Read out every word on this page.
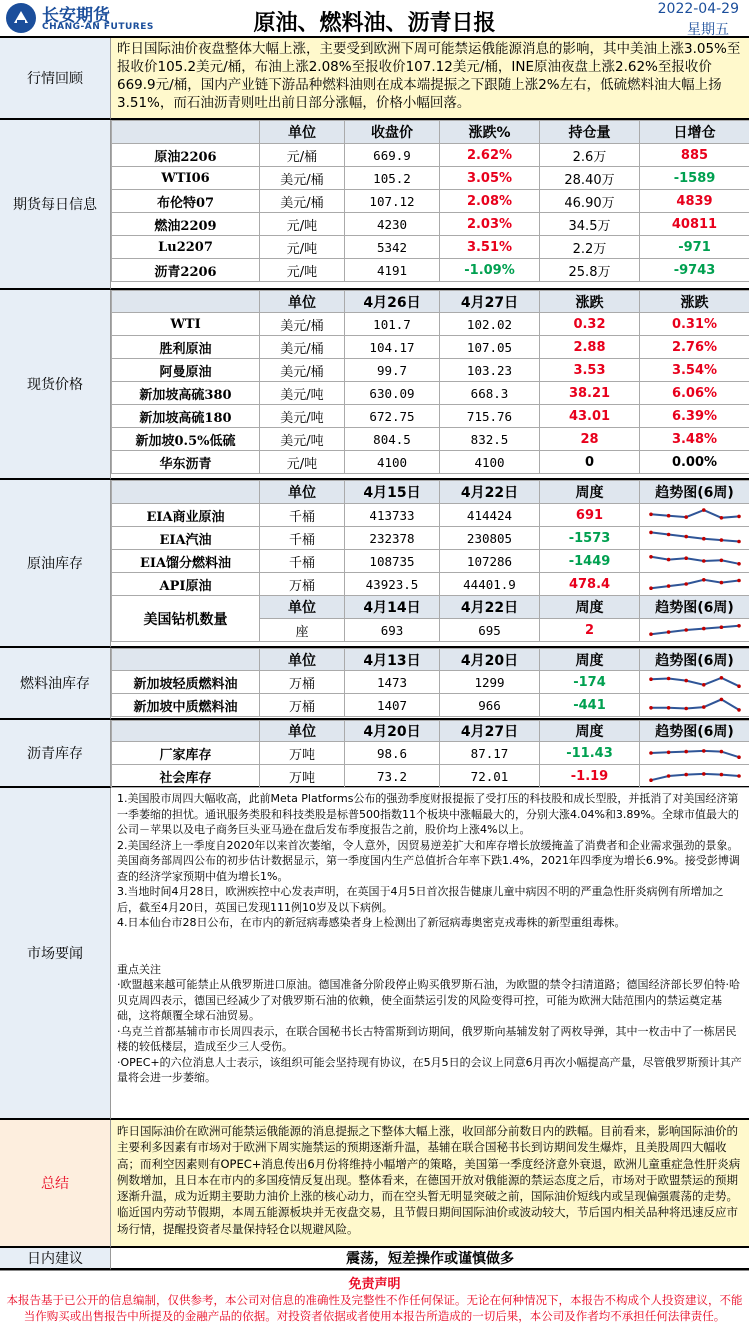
长安期货
CHANG-AN FUTURES	原油、燃料油、沥青日报
2022-04-29
星期五
行情回顾
昨日国际油价夜盘整体大幅上涨，主要受到欧洲下周可能禁运俄能源消息的影响，其中美油上涨3.05%至报收价105.2美元/桶，布油上涨2.08%至报收价107.12美元/桶，INE原油夜盘上涨2.62%至报收价669.9元/桶，国内产业链下游品种燃料油则在成本端提振之下跟随上涨2%左右，低硫燃料油大幅上扬3.51%，而石油沥青则吐出前日部分涨幅，价格小幅回落。
期货每日信息
	单位	收盘价	涨跌%	持仓量	日增仓
原油2206	元/桶	669.9	2.62%	2.6万	885
WTI06	美元/桶	105.2	3.05%	28.40万	-1589
布伦特07	美元/桶	107.12	2.08%	46.90万	4839
燃油2209	元/吨	4230	2.03%	34.5万	40811
Lu2207	元/吨	5342	3.51%	2.2万	-971
沥青2206	元/吨	4191	-1.09%	25.8万	-9743
现货价格
	单位	4月26日	4月27日	涨跌	涨跌
WTI	美元/桶	101.7	102.02	0.32	0.31%
胜利原油	美元/桶	104.17	107.05	2.88	2.76%
阿曼原油	美元/桶	99.7	103.23	3.53	3.54%
新加坡高硫380	美元/吨	630.09	668.3	38.21	6.06%
新加坡高硫180	美元/吨	672.75	715.76	43.01	6.39%
新加坡0.5%低硫	美元/吨	804.5	832.5	28	3.48%
华东沥青	元/吨	4100	4100	0	0.00%
原油库存
	单位	4月15日	4月22日	周度	趋势图(6周)
EIA商业原油	千桶	413733	414424	691	

EIA汽油	千桶	232378	230805	-1573	

EIA馏分燃料油	千桶	108735	107286	-1449	

API原油	万桶	43923.5	44401.9	478.4	

美国钻机数量	单位	4月14日	4月22日	周度	趋势图(6周)
	座	693	695	2	
燃料油库存
	单位	4月13日	4月20日	周度	趋势图(6周)
新加坡轻质燃料油	万桶	1473	1299	-174	

新加坡中质燃料油	万桶	1407	966	-441	
沥青库存
	单位	4月20日	4月27日	周度	趋势图(6周)
厂家库存	万吨	98.6	87.17	-11.43	

社会库存	万吨	73.2	72.01	-1.19	
市场要闻

1.美国股市周四大幅收高，此前Meta Platforms公布的强劲季度财报提振了受打压的科技股和成长型股，并抵消了对美国经济第一季萎缩的担忧。通讯服务类股和科技类股是标普500指数11个板块中涨幅最大的，分别大涨4.04%和3.89%。全球市值最大的公司－苹果以及电子商务巨头亚马逊在盘后发布季度报告之前，股价均上涨4%以上。

2.美国经济上一季度自2020年以来首次萎缩，令人意外，因贸易逆差扩大和库存增长放缓掩盖了消费者和企业需求强劲的景象。美国商务部周四公布的初步估计数据显示，第一季度国内生产总值折合年率下跌1.4%，2021年四季度为增长6.9%。接受彭博调查的经济学家预期中值为增长1%。

3.当地时间4月28日，欧洲疾控中心发表声明，在英国于4月5日首次报告健康儿童中病因不明的严重急性肝炎病例有所增加之后，截至4月20日，英国已发现111例10岁及以下病例。

4.日本仙台市28日公布，在市内的新冠病毒感染者身上检测出了新冠病毒奥密克戎毒株的新型重组毒株。

重点关注

·欧盟越来越可能禁止从俄罗斯进口原油。德国准备分阶段停止购买俄罗斯石油，为欧盟的禁令扫清道路；德国经济部长罗伯特·哈贝克周四表示，德国已经减少了对俄罗斯石油的依赖，使全面禁运引发的风险变得可控，可能为欧洲大陆范围内的禁运奠定基础，这将颠覆全球石油贸易。

·乌克兰首都基辅市市长周四表示，在联合国秘书长古特雷斯到访期间，俄罗斯向基辅发射了两枚导弹，其中一枚击中了一栋居民楼的较低楼层，造成至少三人受伤。

·OPEC+的六位消息人士表示，该组织可能会坚持现有协议，在5月5日的会议上同意6月再次小幅提高产量，尽管俄罗斯预计其产量将会进一步萎缩。

总结
昨日国际油价在欧洲可能禁运俄能源的消息提振之下整体大幅上涨，收回部分前数日内的跌幅。目前看来，影响国际油价的主要利多因素有市场对于欧洲下周实施禁运的预期逐渐升温，基辅在联合国秘书长到访期间发生爆炸，且美股周四大幅收高；而利空因素则有OPEC+消息传出6月份将维持小幅增产的策略，美国第一季度经济意外衰退，欧洲儿童重症急性肝炎病例数增加，且日本在市内的多国疫情反复出现。整体看来，在德国开放对俄能源的禁运态度之后，市场对于欧盟禁运的预期逐渐升温，成为近期主要助力油价上涨的核心动力，而在空头暂无明显突破之前，国际油价短线内或呈现偏强震荡的走势。临近国内劳动节假期，本周五能源板块并无夜盘交易，且节假日期间国际油价或波动较大，节后国内相关品种将迅速反应市场行情，提醒投资者尽量保持轻仓以规避风险。
日内建议	震荡，短差操作或谨慎做多
免责声明
本报告基于已公开的信息编制，仅供参考，本公司对信息的准确性及完整性不作任何保证。无论在何种情况下，本报告不构成个人投资建议，不能当作购买或出售报告中所提及的金融产品的依据。对投资者依据或者使用本报告所造成的一切后果，本公司及作者均不承担任何法律责任。
